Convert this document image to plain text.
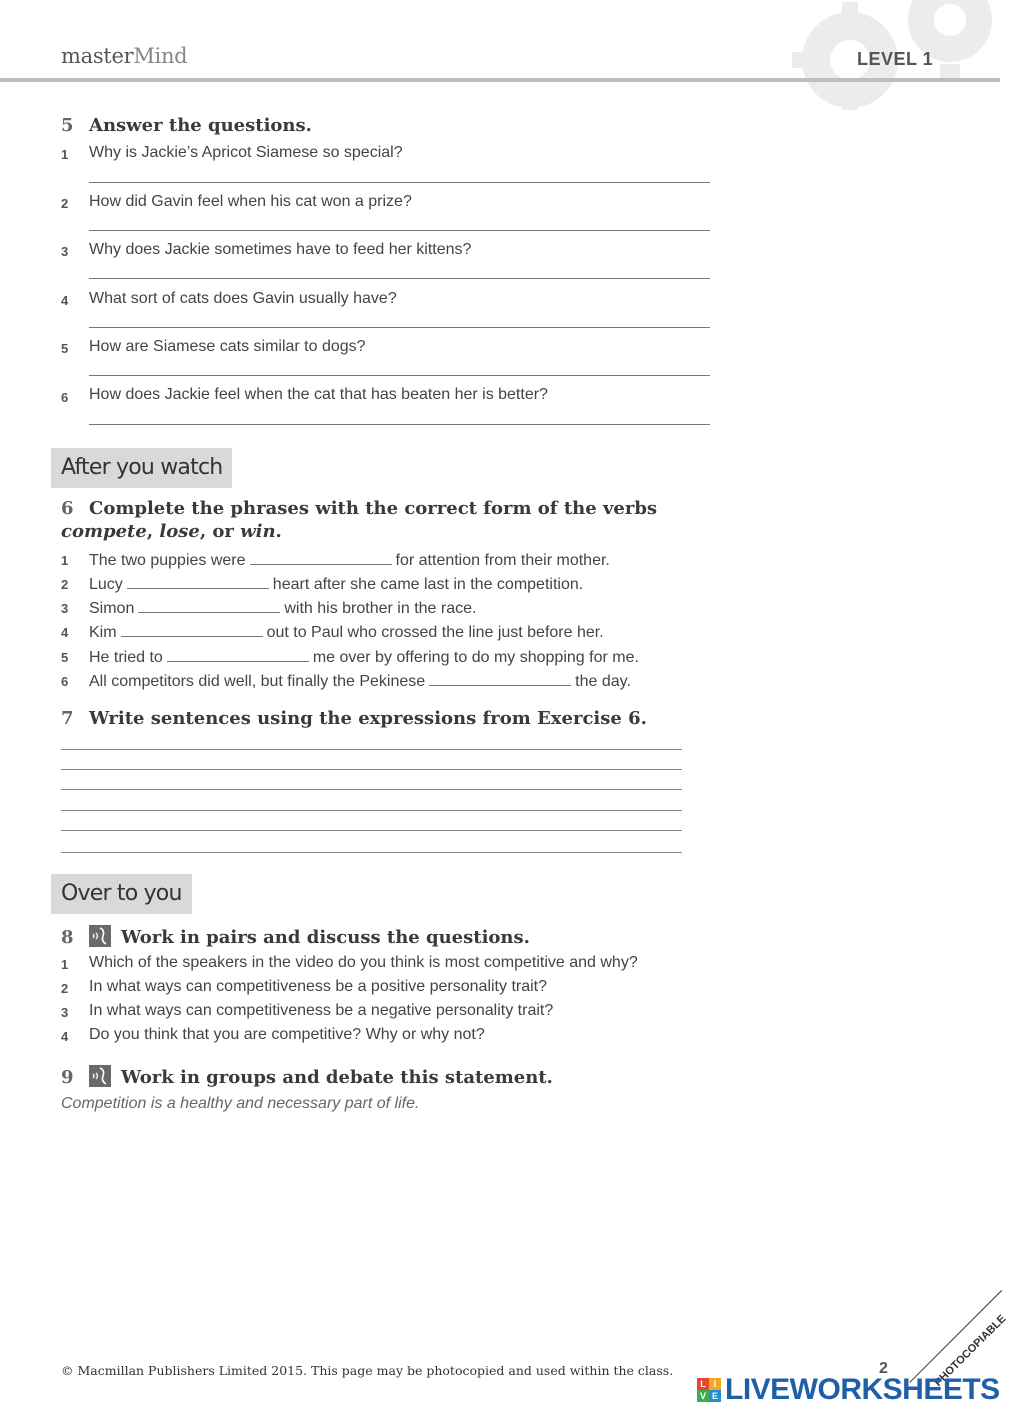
masterMind	LEVEL 1
5 Answer the questions.
1 Why is Jackie’s Apricot Siamese so special?
2 How did Gavin feel when his cat won a prize?
3 Why does Jackie sometimes have to feed her kittens?
4 What sort of cats does Gavin usually have?
5 How are Siamese cats similar to dogs?
6 How does Jackie feel when the cat that has beaten her is better?
After you watch
6 Complete the phrases with the correct form of the verbs compete, lose, or win.
1 The two puppies were	for attention from their mother.
2 Lucy	heart after she came last in the competition.
3 Simon	with his brother in the race.
4 Kim	out to Paul who crossed the line just before her.
5 He tried to	me over by offering to do my shopping for me.
6 All competitors did well, but finally the Pekinese	the day.
7 Write sentences using the expressions from Exercise 6.
Over to you
8	Work in pairs and discuss the questions.
1 Which of the speakers in the video do you think is most competitive and why?
2 In what ways can competitiveness be a positive personality trait?
3 In what ways can competitiveness be a negative personality trait?
4 Do you think that you are competitive? Why or why not?
9	Work in groups and debate this statement.
Competition is a healthy and necessary part of life.
© Macmillan Publishers Limited 2015. This page may be photocopied and used within the class.	2	PHOTOCOPIABLE
L I
V E LIVEWORKSHEETS
